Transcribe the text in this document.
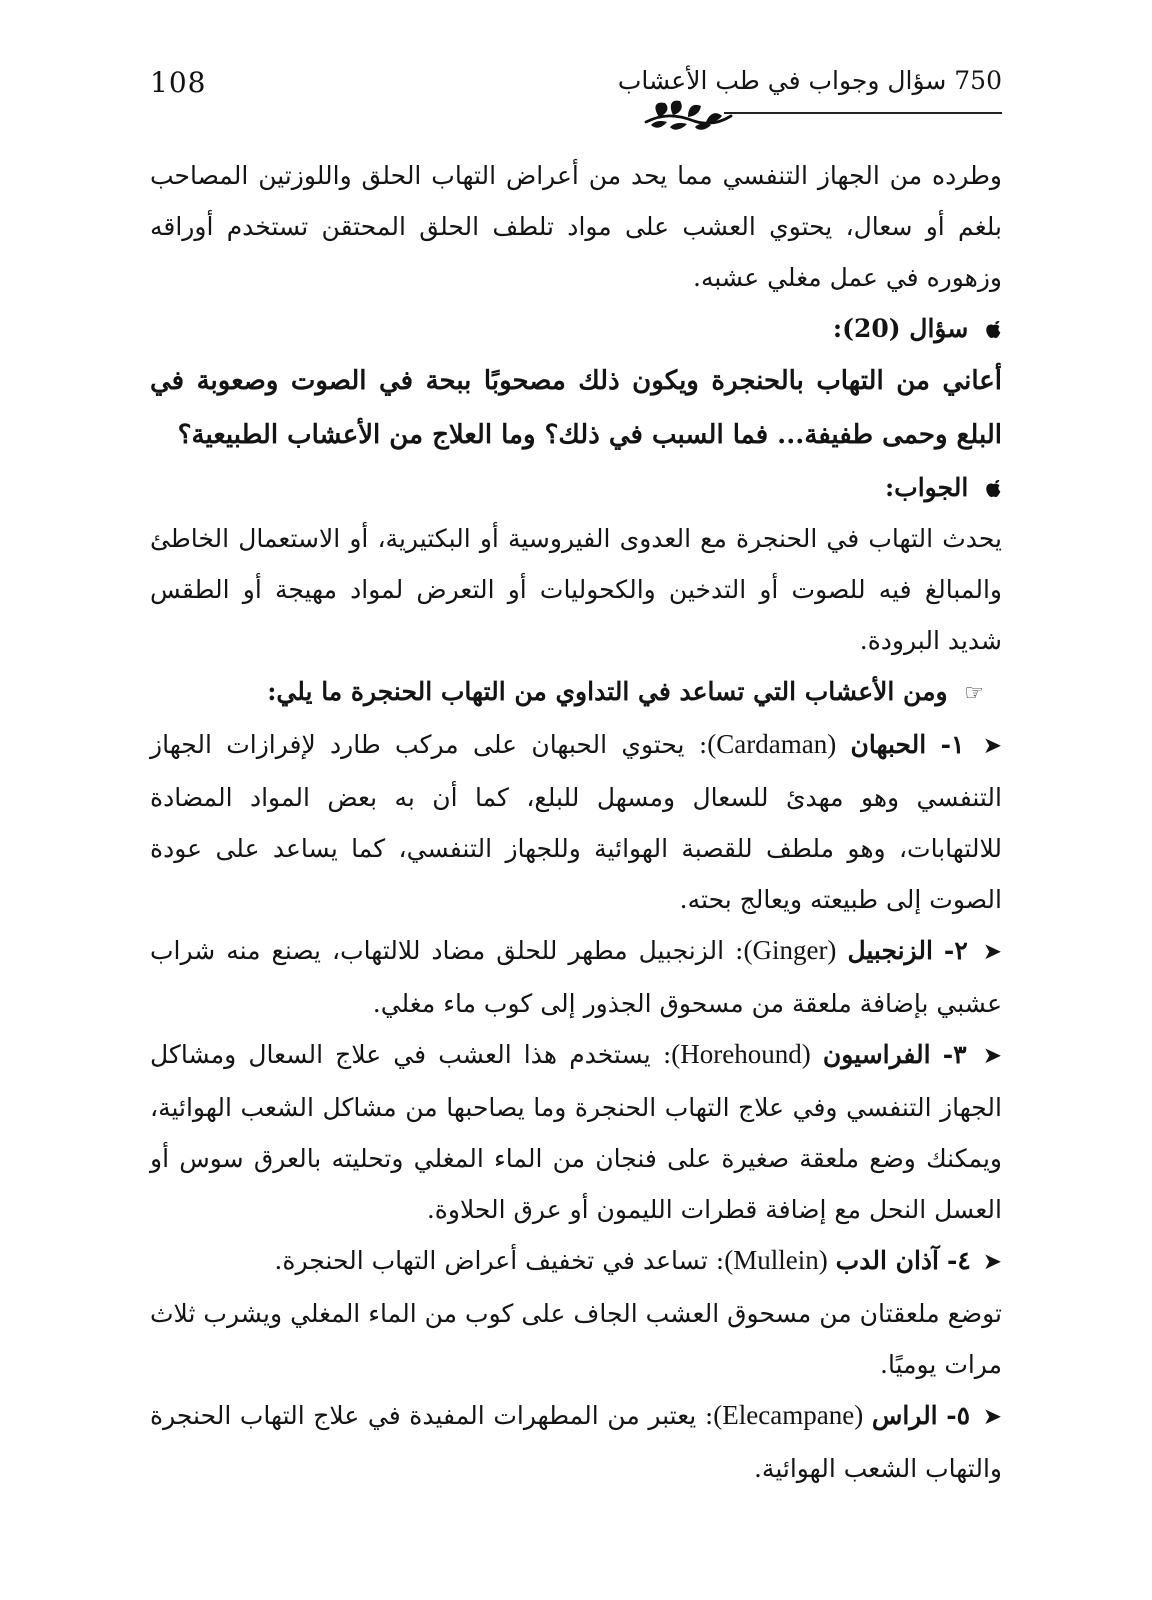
108	750 سؤال وجواب في طب الأعشاب

وطرده من الجهاز التنفسي مما يحد من أعراض التهاب الحلق واللوزتين المصاحب بلغم أو سعال، يحتوي العشب على مواد تلطف الحلق المحتقن تستخدم أوراقه وزهوره في عمل مغلي عشبه.

سؤال (20):

أعاني من التهاب بالحنجرة ويكون ذلك مصحوبًا ببحة في الصوت وصعوبة في البلع وحمى طفيفة... فما السبب في ذلك؟ وما العلاج من الأعشاب الطبيعية؟

الجواب:

يحدث التهاب في الحنجرة مع العدوى الفيروسية أو البكتيرية، أو الاستعمال الخاطئ والمبالغ فيه للصوت أو التدخين والكحوليات أو التعرض لمواد مهيجة أو الطقس شديد البرودة.

☞ ومن الأعشاب التي تساعد في التداوي من التهاب الحنجرة ما يلي:

➤ ١- الحبهان (Cardaman): يحتوي الحبهان على مركب طارد لإفرازات الجهاز التنفسي وهو مهدئ للسعال ومسهل للبلع، كما أن به بعض المواد المضادة للالتهابات، وهو ملطف للقصبة الهوائية وللجهاز التنفسي، كما يساعد على عودة الصوت إلى طبيعته ويعالج بحته.

➤ ٢- الزنجبيل (Ginger): الزنجبيل مطهر للحلق مضاد للالتهاب، يصنع منه شراب عشبي بإضافة ملعقة من مسحوق الجذور إلى كوب ماء مغلي.

➤ ٣- الفراسيون (Horehound): يستخدم هذا العشب في علاج السعال ومشاكل الجهاز التنفسي وفي علاج التهاب الحنجرة وما يصاحبها من مشاكل الشعب الهوائية، ويمكنك وضع ملعقة صغيرة على فنجان من الماء المغلي وتحليته بالعرق سوس أو العسل النحل مع إضافة قطرات الليمون أو عرق الحلاوة.

➤ ٤- آذان الدب (Mullein): تساعد في تخفيف أعراض التهاب الحنجرة.

توضع ملعقتان من مسحوق العشب الجاف على كوب من الماء المغلي ويشرب ثلاث مرات يوميًا.

➤ ٥- الراس (Elecampane): يعتبر من المطهرات المفيدة في علاج التهاب الحنجرة والتهاب الشعب الهوائية.
